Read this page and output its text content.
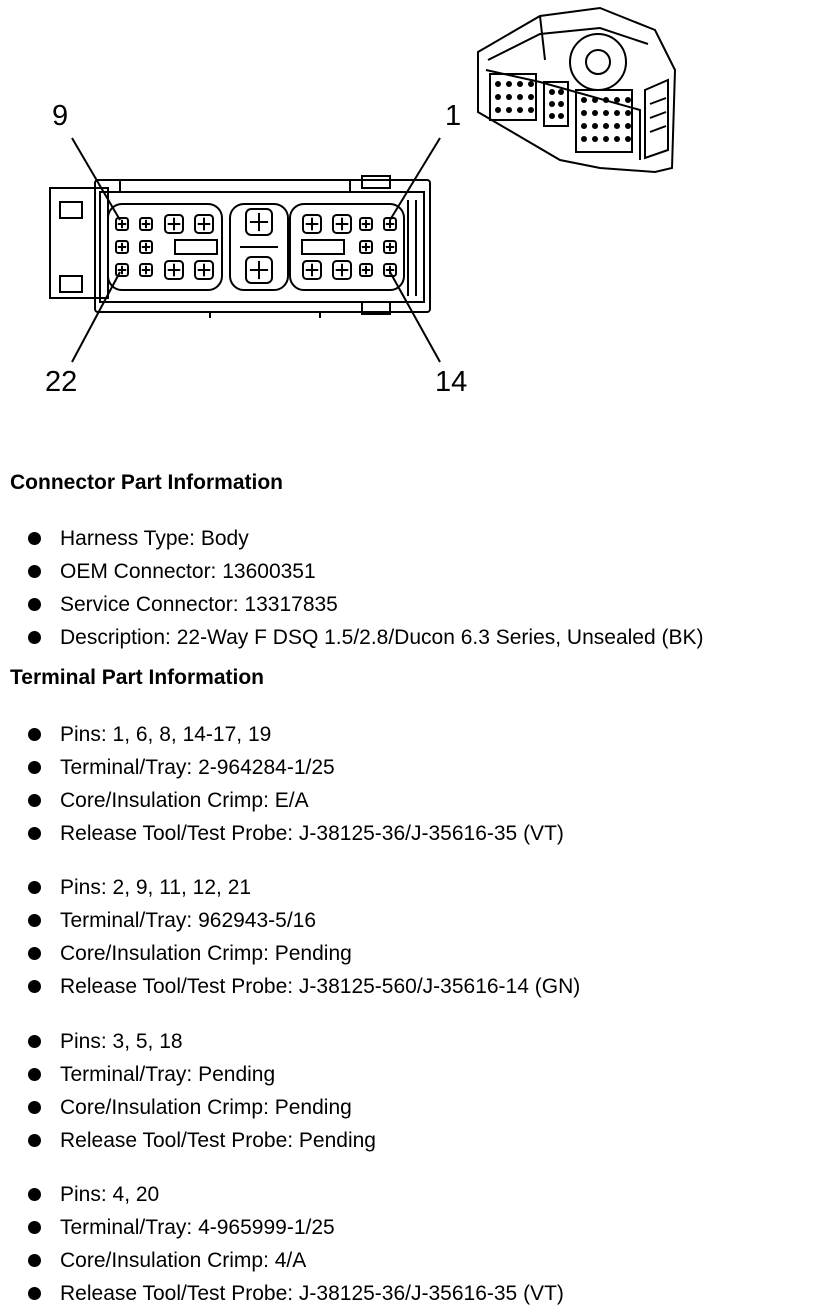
9	1
22	14
Connector Part Information
Harness Type: Body
OEM Connector: 13600351
Service Connector: 13317835
Description: 22-Way F DSQ 1.5/2.8/Ducon 6.3 Series, Unsealed (BK)
Terminal Part Information
Pins: 1, 6, 8, 14-17, 19
Terminal/Tray: 2-964284-1/25
Core/Insulation Crimp: E/A
Release Tool/Test Probe: J-38125-36/J-35616-35 (VT)
Pins: 2, 9, 11, 12, 21
Terminal/Tray: 962943-5/16
Core/Insulation Crimp: Pending
Release Tool/Test Probe: J-38125-560/J-35616-14 (GN)
Pins: 3, 5, 18
Terminal/Tray: Pending
Core/Insulation Crimp: Pending
Release Tool/Test Probe: Pending
Pins: 4, 20
Terminal/Tray: 4-965999-1/25
Core/Insulation Crimp: 4/A
Release Tool/Test Probe: J-38125-36/J-35616-35 (VT)
